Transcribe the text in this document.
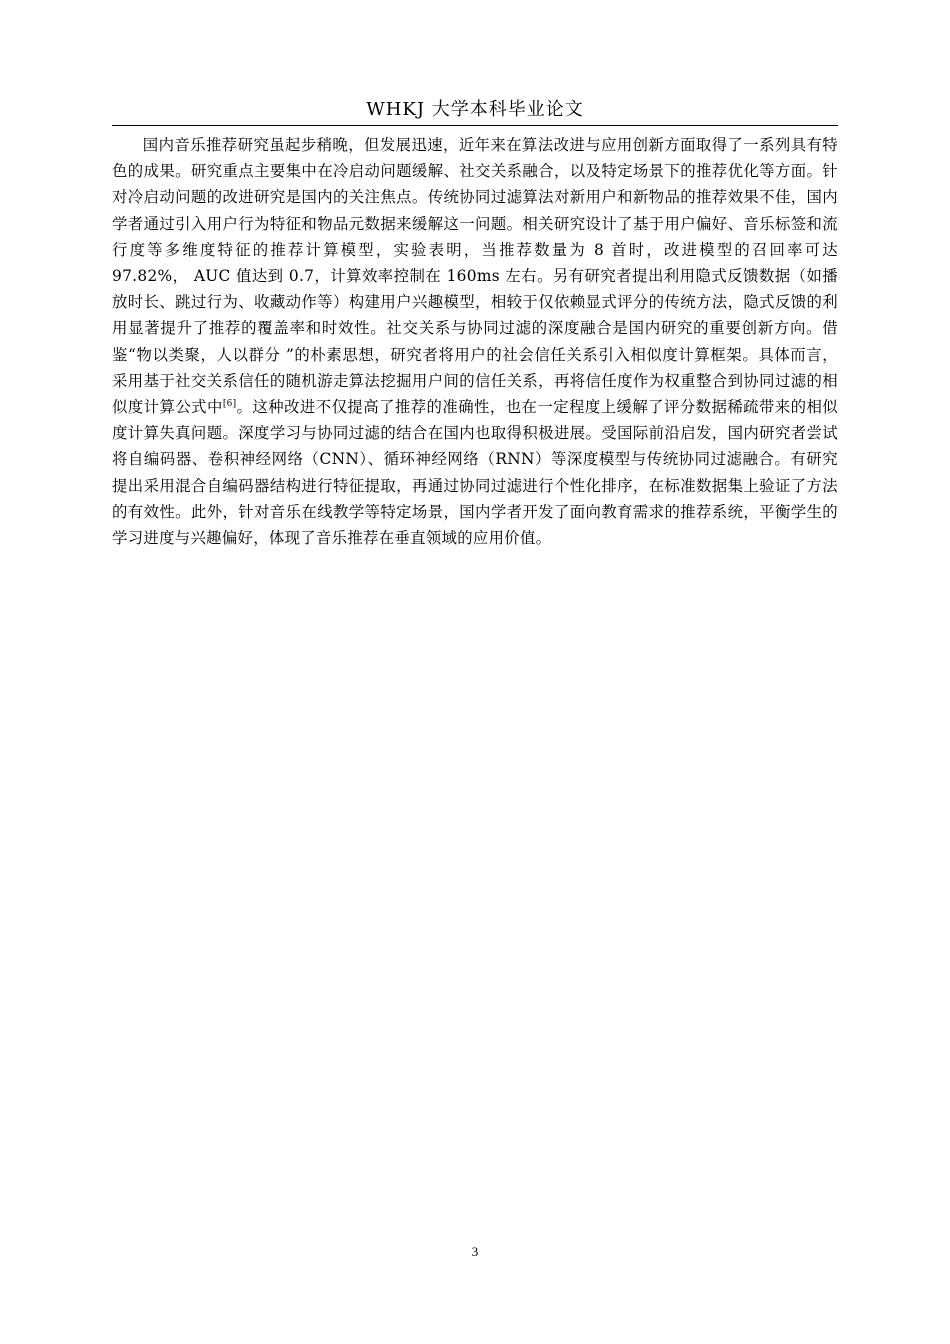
WHKJ 大学本科毕业论文

国内音乐推荐研究虽起步稍晚，但发展迅速，近年来在算法改进与应用创新方面取得了一系列具有特色的成果。研究重点主要集中在冷启动问题缓解、社交关系融合，以及特定场景下的推荐优化等方面。针对冷启动问题的改进研究是国内的关注焦点。传统协同过滤算法对新用户和新物品的推荐效果不佳，国内学者通过引入用户行为特征和物品元数据来缓解这一问题。相关研究设计了基于用户偏好、音乐标签和流行度等多维度特征的推荐计算模型，实验表明，当推荐数量为 8 首时，改进模型的召回率可达 97.82%， AUC 值达到 0.7，计算效率控制在 160ms 左右。另有研究者提出利用隐式反馈数据（如播放时长、跳过行为、收藏动作等）构建用户兴趣模型，相较于仅依赖显式评分的传统方法，隐式反馈的利用显著提升了推荐的覆盖率和时效性。社交关系与协同过滤的深度融合是国内研究的重要创新方向。借鉴“物以类聚，人以群分 ”的朴素思想，研究者将用户的社会信任关系引入相似度计算框架。具体而言，采用基于社交关系信任的随机游走算法挖掘用户间的信任关系，再将信任度作为权重整合到协同过滤的相似度计算公式中[6]。这种改进不仅提高了推荐的准确性，也在一定程度上缓解了评分数据稀疏带来的相似度计算失真问题。深度学习与协同过滤的结合在国内也取得积极进展。受国际前沿启发，国内研究者尝试将自编码器、卷积神经网络（CNN）、循环神经网络（RNN）等深度模型与传统协同过滤融合。有研究提出采用混合自编码器结构进行特征提取，再通过协同过滤进行个性化排序，在标准数据集上验证了方法的有效性。此外，针对音乐在线教学等特定场景，国内学者开发了面向教育需求的推荐系统，平衡学生的学习进度与兴趣偏好，体现了音乐推荐在垂直领域的应用价值。

3
